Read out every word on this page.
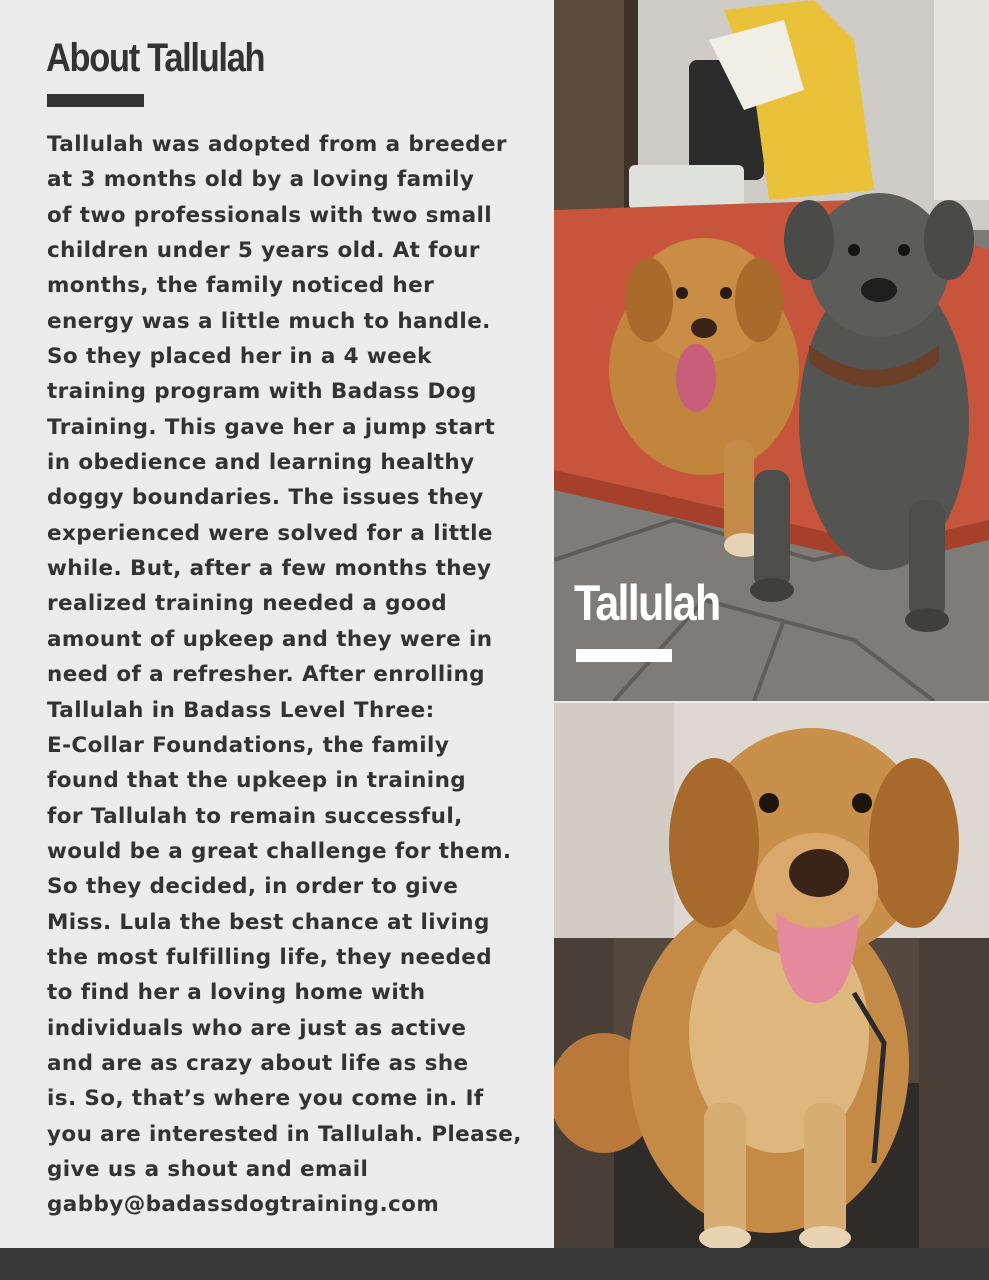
About Tallulah

Tallulah was adopted from a breeder
at 3 months old by a loving family
of two professionals with two small
children under 5 years old. At four
months, the family noticed her
energy was a little much to handle.
So they placed her in a 4 week
training program with Badass Dog
Training. This gave her a jump start
in obedience and learning healthy
doggy boundaries. The issues they
experienced were solved for a little
while. But, after a few months they
realized training needed a good
amount of upkeep and they were in
need of a refresher. After enrolling
Tallulah in Badass Level Three:
E-Collar Foundations, the family
found that the upkeep in training
for Tallulah to remain successful,
would be a great challenge for them.
So they decided, in order to give
Miss. Lula the best chance at living
the most fulfilling life, they needed
to find her a loving home with
individuals who are just as active
and are as crazy about life as she
is. So, that’s where you come in. If
you are interested in Tallulah. Please,
give us a shout and email
gabby@badassdogtraining.com

Tallulah
